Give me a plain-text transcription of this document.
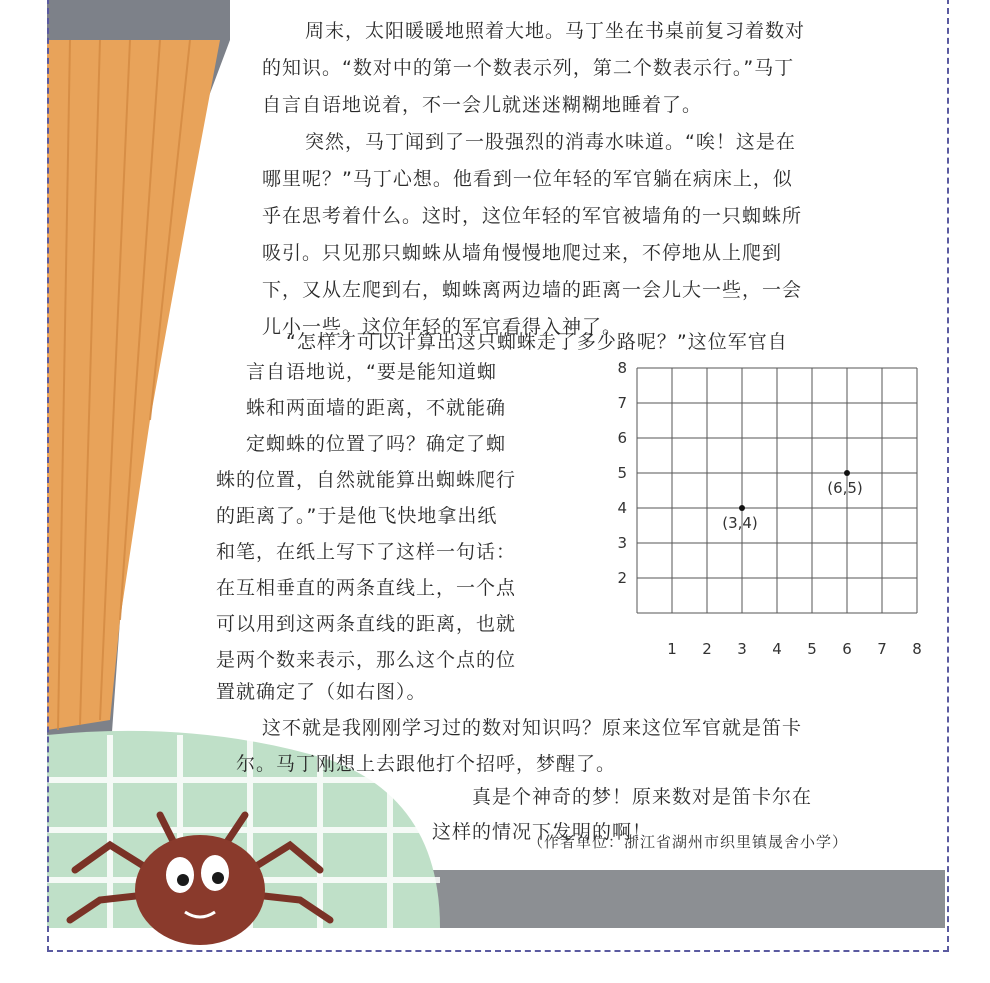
周末，太阳暖暖地照着大地。马丁坐在书桌前复习着数对
的知识。“数对中的第一个数表示列，第二个数表示行。”马丁
自言自语地说着，不一会儿就迷迷糊糊地睡着了。
突然，马丁闻到了一股强烈的消毒水味道。“唉！这是在
哪里呢？”马丁心想。他看到一位年轻的军官躺在病床上，似
乎在思考着什么。这时，这位年轻的军官被墙角的一只蜘蛛所
吸引。只见那只蜘蛛从墙角慢慢地爬过来，不停地从上爬到
下，又从左爬到右，蜘蛛离两边墙的距离一会儿大一些，一会
儿小一些。这位年轻的军官看得入神了。
“怎样才可以计算出这只蜘蛛走了多少路呢？”这位军官自
言自语地说，“要是能知道蜘
蛛和两面墙的距离，不就能确
定蜘蛛的位置了吗？确定了蜘
蛛的位置，自然就能算出蜘蛛爬行
的距离了。”于是他飞快地拿出纸
和笔，在纸上写下了这样一句话：
在互相垂直的两条直线上，一个点
可以用到这两条直线的距离，也就
是两个数来表示，那么这个点的位
置就确定了（如右图）。
这不就是我刚刚学习过的数对知识吗？原来这位军官就是笛卡
尔。马丁刚想上去跟他打个招呼，梦醒了。
真是个神奇的梦！原来数对是笛卡尔在
这样的情况下发明的啊！
（作者单位：浙江省湖州市织里镇晟舍小学）
1 2 3 4 5 6 7 8
2
3
4
5
6
7
8
(3,4)
(6,5)
